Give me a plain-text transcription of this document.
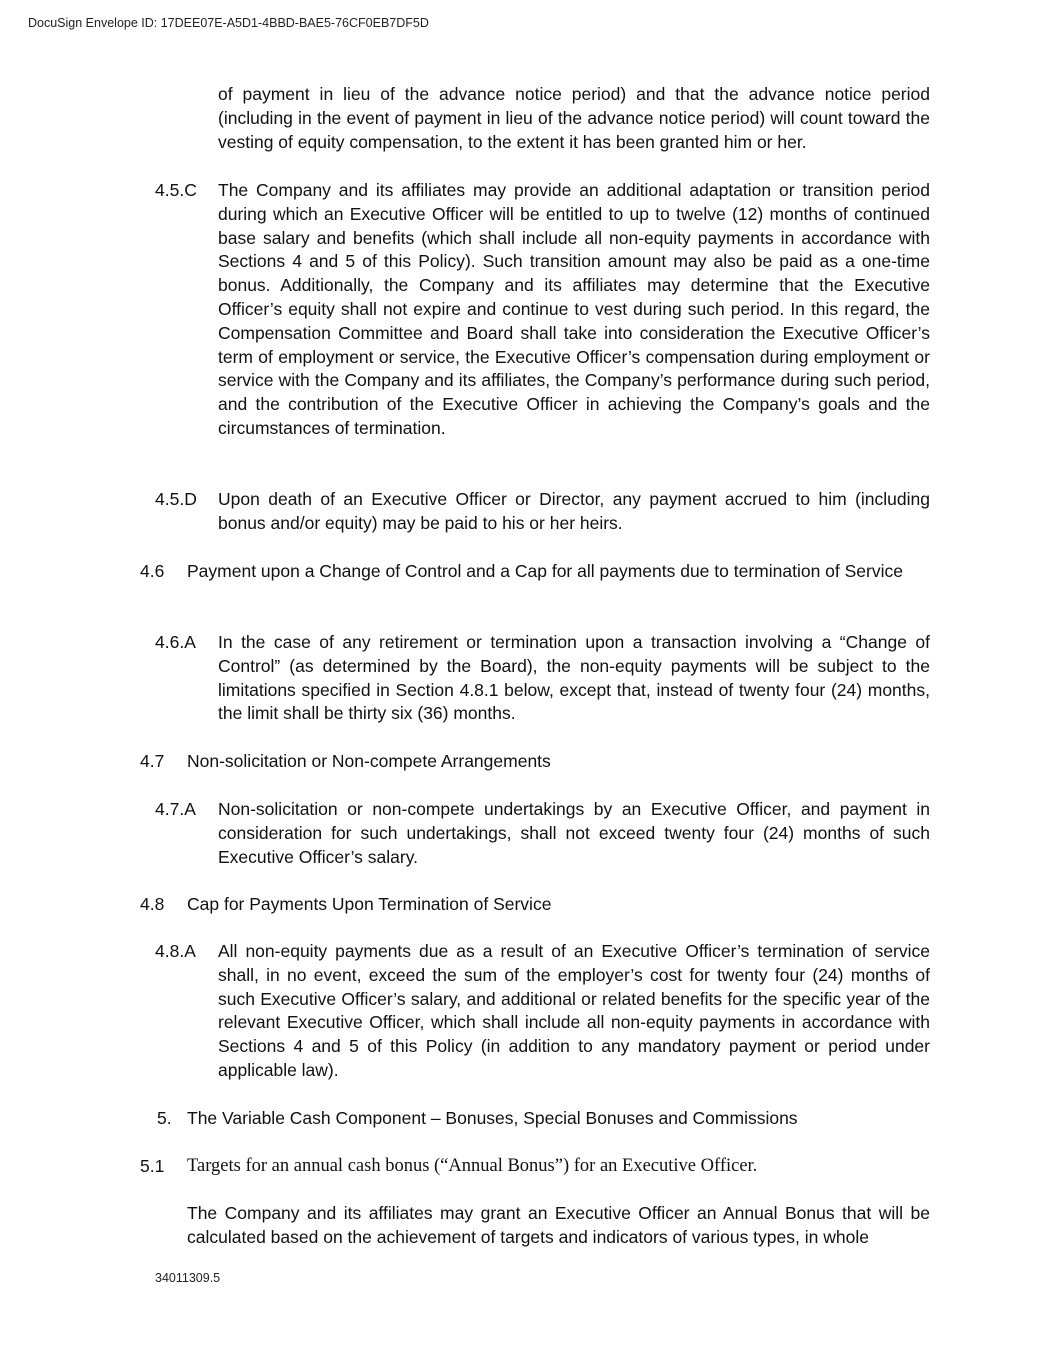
DocuSign Envelope ID: 17DEE07E-A5D1-4BBD-BAE5-76CF0EB7DF5D

of payment in lieu of the advance notice period) and that the advance notice period (including in the event of payment in lieu of the advance notice period) will count toward the vesting of equity compensation, to the extent it has been granted him or her.

4.5.C The Company and its affiliates may provide an additional adaptation or transition period during which an Executive Officer will be entitled to up to twelve (12) months of continued base salary and benefits (which shall include all non-equity payments in accordance with Sections 4 and 5 of this Policy). Such transition amount may also be paid as a one-time bonus. Additionally, the Company and its affiliates may determine that the Executive Officer’s equity shall not expire and continue to vest during such period. In this regard, the Compensation Committee and Board shall take into consideration the Executive Officer’s term of employment or service, the Executive Officer’s compensation during employment or service with the Company and its affiliates, the Company’s performance during such period, and the contribution of the Executive Officer in achieving the Company’s goals and the circumstances of termination.

4.5.D Upon death of an Executive Officer or Director, any payment accrued to him (including bonus and/or equity) may be paid to his or her heirs.

4.6 Payment upon a Change of Control and a Cap for all payments due to termination of Service

4.6.A In the case of any retirement or termination upon a transaction involving a “Change of Control” (as determined by the Board), the non-equity payments will be subject to the limitations specified in Section 4.8.1 below, except that, instead of twenty four (24) months, the limit shall be thirty six (36) months.

4.7 Non-solicitation or Non-compete Arrangements

4.7.A Non-solicitation or non-compete undertakings by an Executive Officer, and payment in consideration for such undertakings, shall not exceed twenty four (24) months of such Executive Officer’s salary.

4.8 Cap for Payments Upon Termination of Service

4.8.A All non-equity payments due as a result of an Executive Officer’s termination of service shall, in no event, exceed the sum of the employer’s cost for twenty four (24) months of such Executive Officer’s salary, and additional or related benefits for the specific year of the relevant Executive Officer, which shall include all non-equity payments in accordance with Sections 4 and 5 of this Policy (in addition to any mandatory payment or period under applicable law).

5. The Variable Cash Component – Bonuses, Special Bonuses and Commissions

5.1 Targets for an annual cash bonus (“Annual Bonus”) for an Executive Officer.

The Company and its affiliates may grant an Executive Officer an Annual Bonus that will be calculated based on the achievement of targets and indicators of various types, in whole

34011309.5
